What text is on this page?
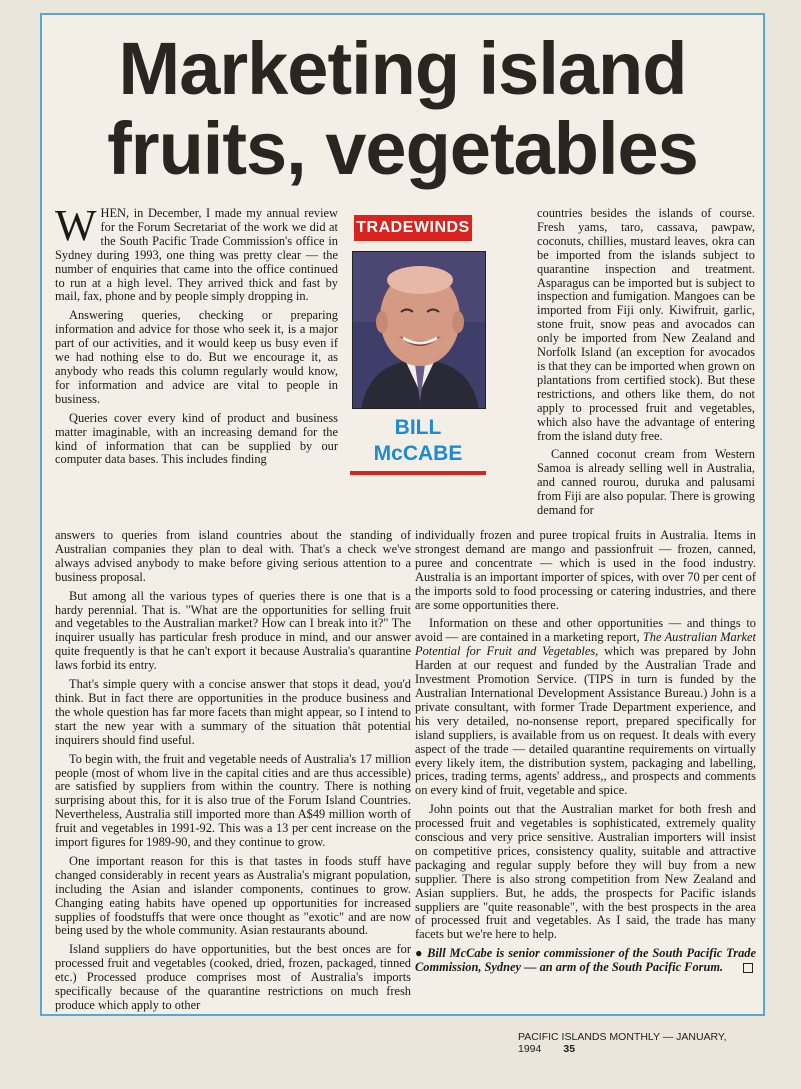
Marketing island
fruits, vegetables

WHEN, in December, I made my annual review for the Forum Secretariat of the work we did at the South Pacific Trade Commission's office in Sydney during 1993, one thing was pretty clear — the number of enquiries that came into the office continued to run at a high level. They arrived thick and fast by mail, fax, phone and by people simply dropping in.

Answering queries, checking or preparing information and advice for those who seek it, is a major part of our activities, and it would keep us busy even if we had nothing else to do. But we encourage it, as anybody who reads this column regularly would know, for information and advice are vital to people in business.

Queries cover every kind of product and business matter imaginable, with an increasing demand for the kind of information that can be supplied by our computer data bases. This includes finding

TRADEWINDS
BILL
McCABE

countries besides the islands of course. Fresh yams, taro, cassava, pawpaw, coconuts, chillies, mustard leaves, okra can be imported from the islands subject to quarantine inspection and treatment. Asparagus can be imported but is subject to inspection and fumigation. Mangoes can be imported from Fiji only. Kiwifruit, garlic, stone fruit, snow peas and avocados can only be imported from New Zealand and Norfolk Island (an exception for avocados is that they can be imported when grown on plantations from certified stock). But these restrictions, and others like them, do not apply to processed fruit and vegetables, which also have the advantage of entering from the island duty free.

Canned coconut cream from Western Samoa is already selling well in Australia, and canned rourou, duruka and palusami from Fiji are also popular. There is growing demand for

answers to queries from island countries about the standing of Australian companies they plan to deal with. That's a check we've always advised anybody to make before giving serious attention to a business proposal.

But among all the various types of queries there is one that is a hardy perennial. That is. "What are the opportunities for selling fruit and vegetables to the Australian market? How can I break into it?" The inquirer usually has particular fresh produce in mind, and our answer quite frequently is that he can't export it because Australia's quarantine laws forbid its entry.

That's simple query with a concise answer that stops it dead, you'd think. But in fact there are opportunities in the produce business and the whole question has far more facets than might appear, so I intend to start the new year with a summary of the situation thât potential inquirers should find useful.

To begin with, the fruit and vegetable needs of Australia's 17 million people (most of whom live in the capital cities and are thus accessible) are satisfied by suppliers from within the country. There is nothing surprising about this, for it is also true of the Forum Island Countries. Nevertheless, Australia still imported more than A$49 million worth of fruit and vegetables in 1991-92. This was a 13 per cent increase on the import figures for 1989-90, and they continue to grow.

One important reason for this is that tastes in foods stuff have changed considerably in recent years as Australia's migrant population, including the Asian and islander components, continues to grow. Changing eating habits have opened up opportunities for increased supplies of foodstuffs that were once thought as "exotic" and are now being used by the whole community. Asian restaurants abound.

Island suppliers do have opportunities, but the best onces are for processed fruit and vegetables (cooked, dried, frozen, packaged, tinned etc.) Processed produce comprises most of Australia's imports specifically because of the quarantine restrictions on much fresh produce which apply to other

individually frozen and puree tropical fruits in Australia. Items in strongest demand are mango and passionfruit — frozen, canned, puree and concentrate — which is used in the food industry. Australia is an important importer of spices, with over 70 per cent of the imports sold to food processing or catering industries, and there are some opportunities there.

Information on these and other opportunities — and things to avoid — are contained in a marketing report, The Australian Market Potential for Fruit and Vegetables, which was prepared by John Harden at our request and funded by the Australian Trade and Investment Promotion Service. (TIPS in turn is funded by the Australian International Development Assistance Bureau.) John is a private consultant, with former Trade Department experience, and his very detailed, no-nonsense report, prepared specifically for island suppliers, is available from us on request. It deals with every aspect of the trade — detailed quarantine requirements on virtually every likely item, the distribution system, packaging and labelling, prices, trading terms, agents' address,, and prospects and comments on every kind of fruit, vegetable and spice.

John points out that the Australian market for both fresh and processed fruit and vegetables is sophisticated, extremely quality conscious and very price sensitive. Australian importers will insist on competitive prices, consistency quality, suitable and attractive packaging and regular supply before they will buy from a new supplier. There is also strong competition from New Zealand and Asian suppliers. But, he adds, the prospects for Pacific islands suppliers are "quite reasonable", with the best prospects in the area of processed fruit and vegetables. As I said, the trade has many facets but we're here to help.

● Bill McCabe is senior commissioner of the South Pacific Trade Commission, Sydney — an arm of the South Pacific Forum.

PACIFIC ISLANDS MONTHLY — JANUARY, 1994 35
